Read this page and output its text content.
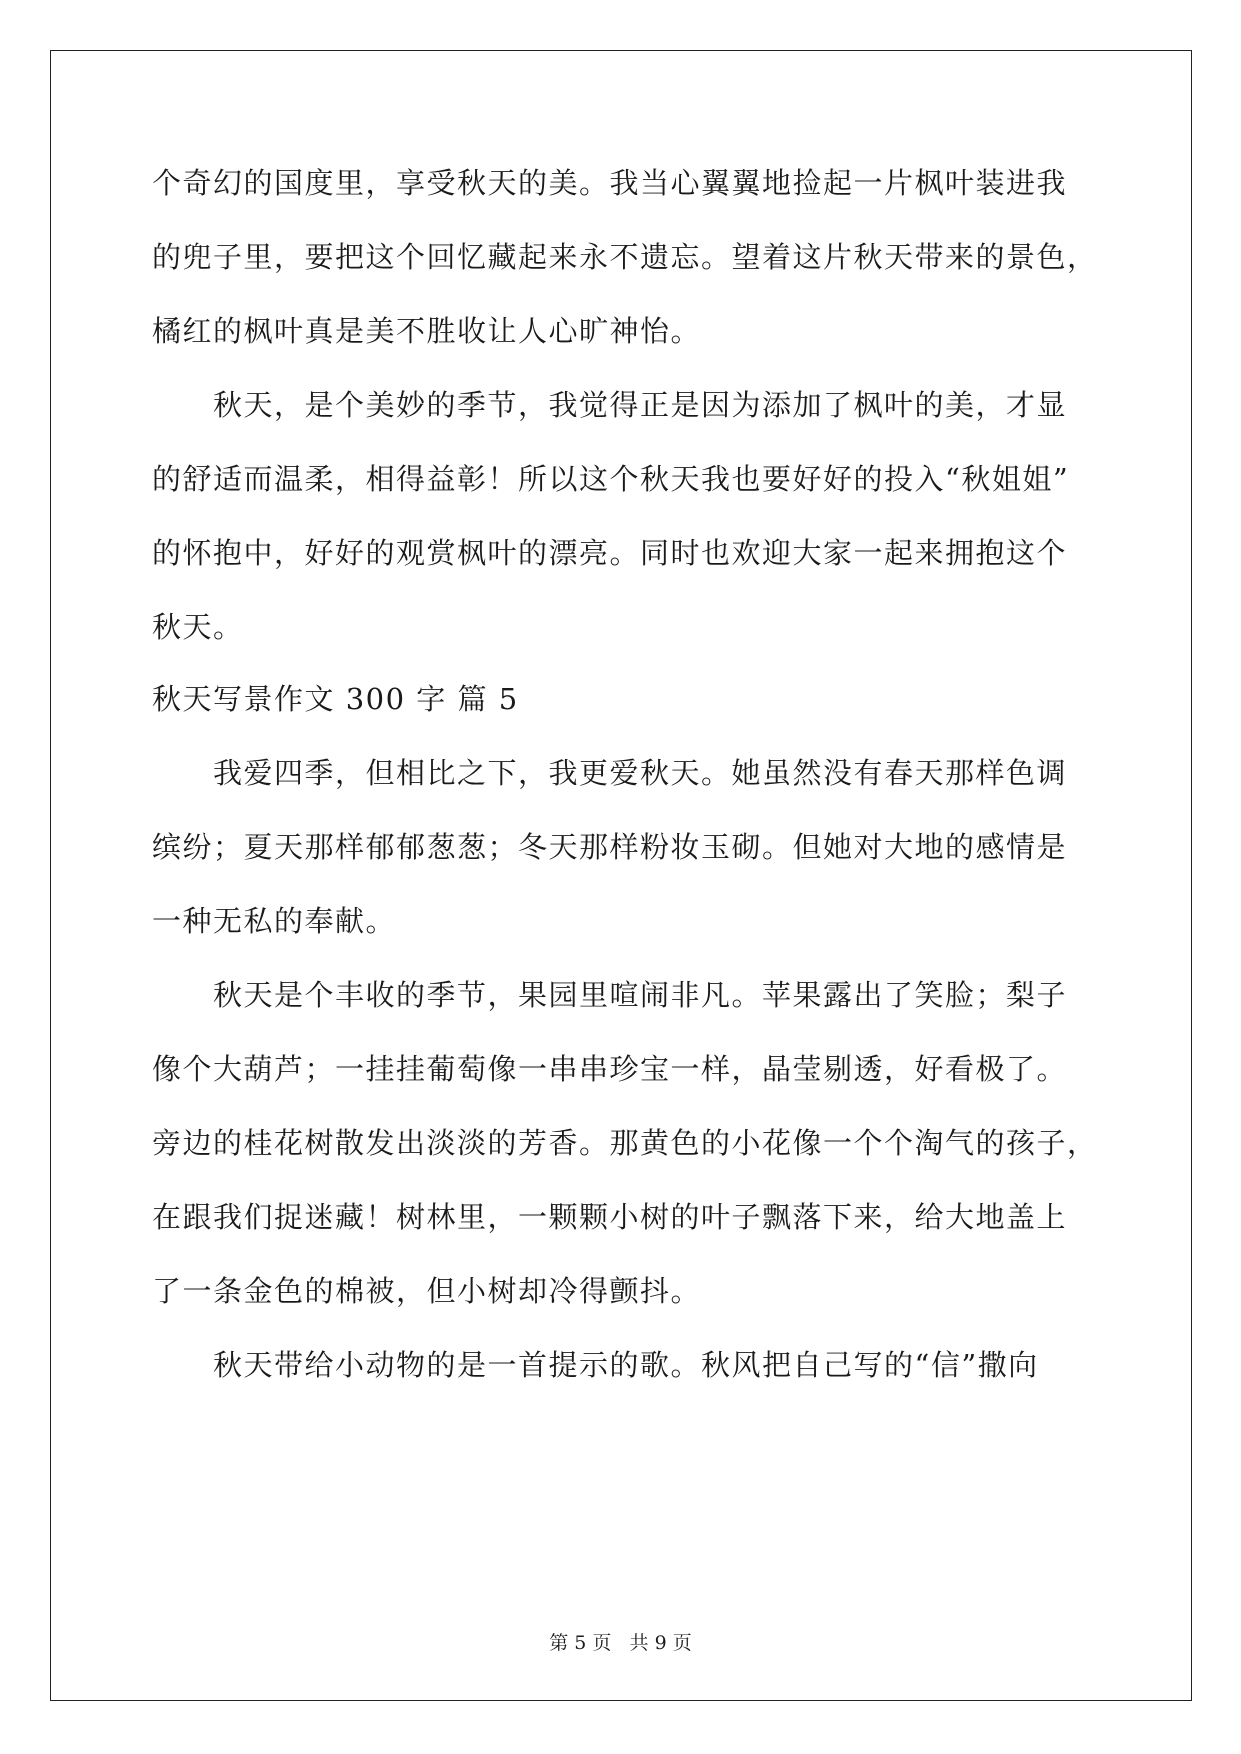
个奇幻的国度里，享受秋天的美。我当心翼翼地捡起一片枫叶装进我
的兜子里，要把这个回忆藏起来永不遗忘。望着这片秋天带来的景色，
橘红的枫叶真是美不胜收让人心旷神怡。
　　秋天，是个美妙的季节，我觉得正是因为添加了枫叶的美，才显
的舒适而温柔，相得益彰！所以这个秋天我也要好好的投入“秋姐姐”
的怀抱中，好好的观赏枫叶的漂亮。同时也欢迎大家一起来拥抱这个
秋天。
秋天写景作文 300 字 篇 5
　　我爱四季，但相比之下，我更爱秋天。她虽然没有春天那样色调
缤纷；夏天那样郁郁葱葱；冬天那样粉妆玉砌。但她对大地的感情是
一种无私的奉献。
　　秋天是个丰收的季节，果园里喧闹非凡。苹果露出了笑脸；梨子
像个大葫芦；一挂挂葡萄像一串串珍宝一样，晶莹剔透，好看极了。
旁边的桂花树散发出淡淡的芳香。那黄色的小花像一个个淘气的孩子，
在跟我们捉迷藏！树林里，一颗颗小树的叶子飘落下来，给大地盖上
了一条金色的棉被，但小树却冷得颤抖。
　　秋天带给小动物的是一首提示的歌。秋风把自己写的“信”撒向
第 5 页   共 9 页
